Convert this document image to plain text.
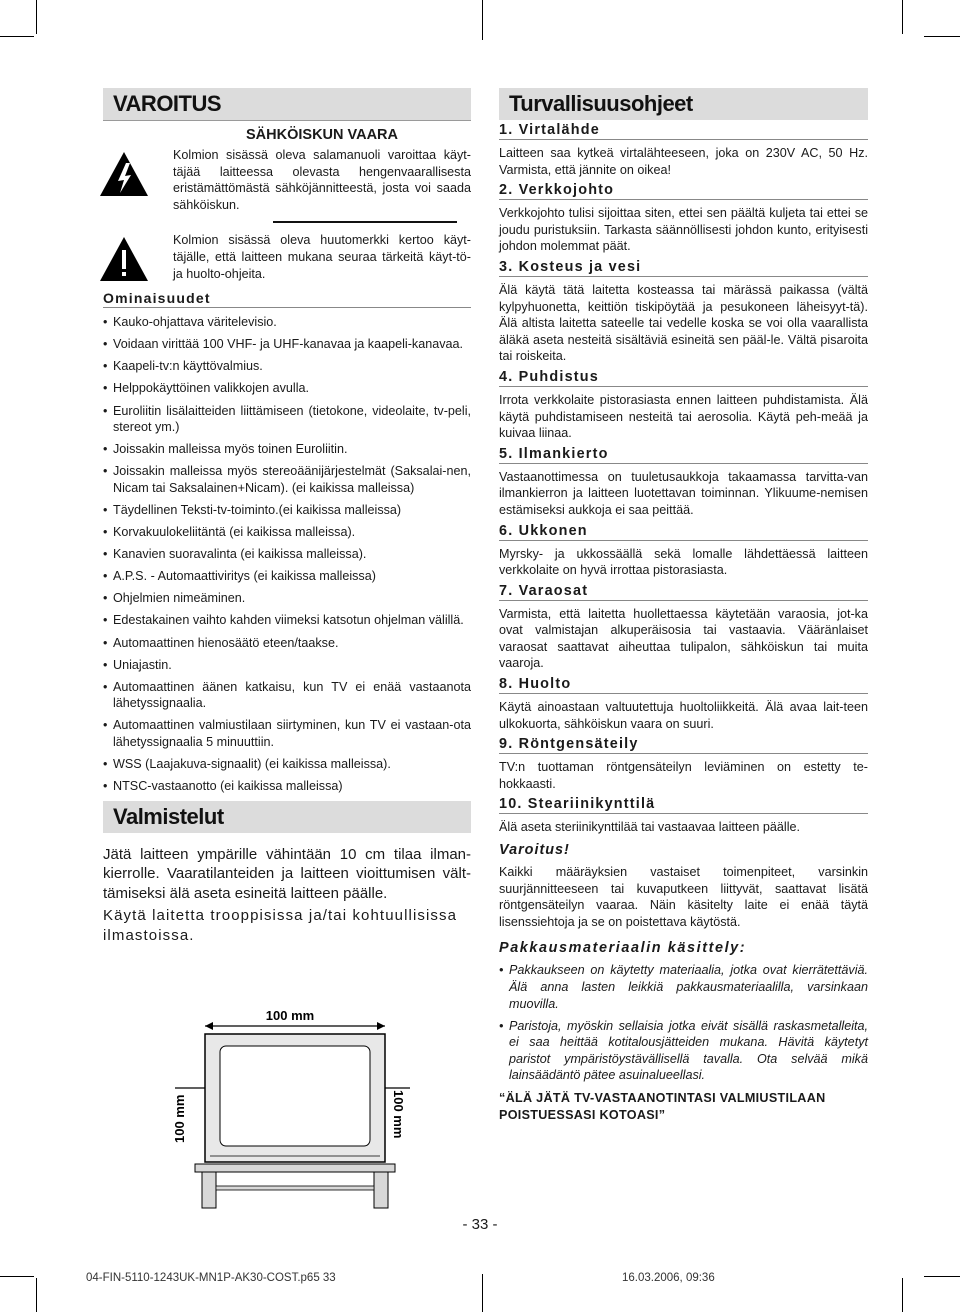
VAROITUS
SÄHKÖISKUN VAARA
Kolmion sisässä oleva salamanuoli varoittaa käyt-täjää laitteessa olevasta hengenvaarallisesta eristämättömästä sähköjännitteestä, josta voi saada sähköiskun.
Kolmion sisässä oleva huutomerkki kertoo käyt-täjälle, että laitteen mukana seuraa tärkeitä käyt-tö- ja huolto-ohjeita.
Ominaisuudet
• Kauko-ohjattava väritelevisio.
• Voidaan virittää 100 VHF- ja UHF-kanavaa ja kaapeli-kanavaa.
• Kaapeli-tv:n käyttövalmius.
• Helppokäyttöinen valikkojen avulla.
• Euroliitin lisälaitteiden liittämiseen (tietokone, videolaite, tv-peli, stereot ym.)
• Joissakin malleissa myös toinen Euroliitin.
• Joissakin malleissa myös stereoäänijärjestelmät (Saksalai-nen, Nicam tai Saksalainen+Nicam). (ei kaikissa malleissa)
• Täydellinen Teksti-tv-toiminto.(ei kaikissa malleissa)
• Korvakuulokeliitäntä (ei kaikissa malleissa).
• Kanavien suoravalinta (ei kaikissa malleissa).
• A.P.S. - Automaattiviritys (ei kaikissa malleissa)
• Ohjelmien nimeäminen.
• Edestakainen vaihto kahden viimeksi katsotun ohjelman välillä.
• Automaattinen hienosäätö eteen/taakse.
• Uniajastin.
• Automaattinen äänen katkaisu, kun TV ei enää vastaanota lähetyssignaalia.
• Automaattinen valmiustilaan siirtyminen, kun TV ei vastaan-ota lähetyssignaalia 5 minuuttiin.
• WSS (Laajakuva-signaalit) (ei kaikissa malleissa).
• NTSC-vastaanotto (ei kaikissa malleissa)
Valmistelut
Jätä laitteen ympärille vähintään 10 cm tilaa ilman-kierrolle. Vaaratilanteiden ja laitteen vioittumisen vält-tämiseksi älä aseta esineitä laitteen päälle.
Käytä laitetta trooppisissa ja/tai kohtuullisissa ilmastoissa.
100 mm
100 mm	100 mm
Turvallisuusohjeet
1. Virtalähde
Laitteen saa kytkeä virtalähteeseen, joka on 230V AC, 50 Hz. Varmista, että jännite on oikea!
2. Verkkojohto
Verkkojohto tulisi sijoittaa siten, ettei sen päältä kuljeta tai ettei se joudu puristuksiin. Tarkasta säännöllisesti johdon kunto, erityisesti johdon molemmat päät.
3. Kosteus ja vesi
Älä käytä tätä laitetta kosteassa tai märässä paikassa (vältä kylpyhuonetta, keittiön tiskipöytää ja pesukoneen läheisyyt-tä). Älä altista laitetta sateelle tai vedelle koska se voi olla vaarallista äläkä aseta nesteitä sisältäviä esineitä sen pääl-le. Vältä pisaroita tai roiskeita.
4. Puhdistus
Irrota verkkolaite pistorasiasta ennen laitteen puhdistamista. Älä käytä puhdistamiseen nesteitä tai aerosolia. Käytä peh-meää ja kuivaa liinaa.
5. Ilmankierto
Vastaanottimessa on tuuletusaukkoja takaamassa tarvitta-van ilmankierron ja laitteen luotettavan toiminnan. Ylikuume-nemisen estämiseksi aukkoja ei saa peittää.
6. Ukkonen
Myrsky- ja ukkossäällä sekä lomalle lähdettäessä laitteen verkkolaite on hyvä irrottaa pistorasiasta.
7. Varaosat
Varmista, että laitetta huollettaessa käytetään varaosia, jot-ka ovat valmistajan alkuperäisosia tai vastaavia. Vääränlaiset varaosat saattavat aiheuttaa tulipalon, sähköiskun tai muita vaaroja.
8. Huolto
Käytä ainoastaan valtuutettuja huoltoliikkeitä. Älä avaa lait-teen ulkokuorta, sähköiskun vaara on suuri.
9. Röntgensäteily
TV:n tuottaman röntgensäteilyn leviäminen on estetty te-hokkaasti.
10. Steariinikynttilä
Älä aseta steriinikynttilää tai vastaavaa laitteen päälle.
Varoitus!
Kaikki määräyksien vastaiset toimenpiteet, varsinkin suurjännitteeseen tai kuvaputkeen liittyvät, saattavat lisätä röntgensäteilyn vaaraa. Näin käsitelty laite ei enää täytä lisenssiehtoja ja se on poistettava käytöstä.
Pakkausmateriaalin käsittely:
• Pakkaukseen on käytetty materiaalia, jotka ovat kierrätettäviä. Älä anna lasten leikkiä pakkausmateriaalilla, varsinkaan muovilla.
• Paristoja, myöskin sellaisia jotka eivät sisällä raskasmetalleita, ei saa heittää kotitalousjätteiden mukana. Hävitä käytetyt paristot ympäristöystävällisellä tavalla. Ota selvää mikä lainsäädäntö pätee asuinalueellasi.
“ÄLÄ JÄTÄ TV-VASTAANOTINTASI VALMIUSTILAAN POISTUESSASI KOTOASI”
- 33 -
04-FIN-5110-1243UK-MN1P-AK30-COST.p65 33	16.03.2006, 09:36
